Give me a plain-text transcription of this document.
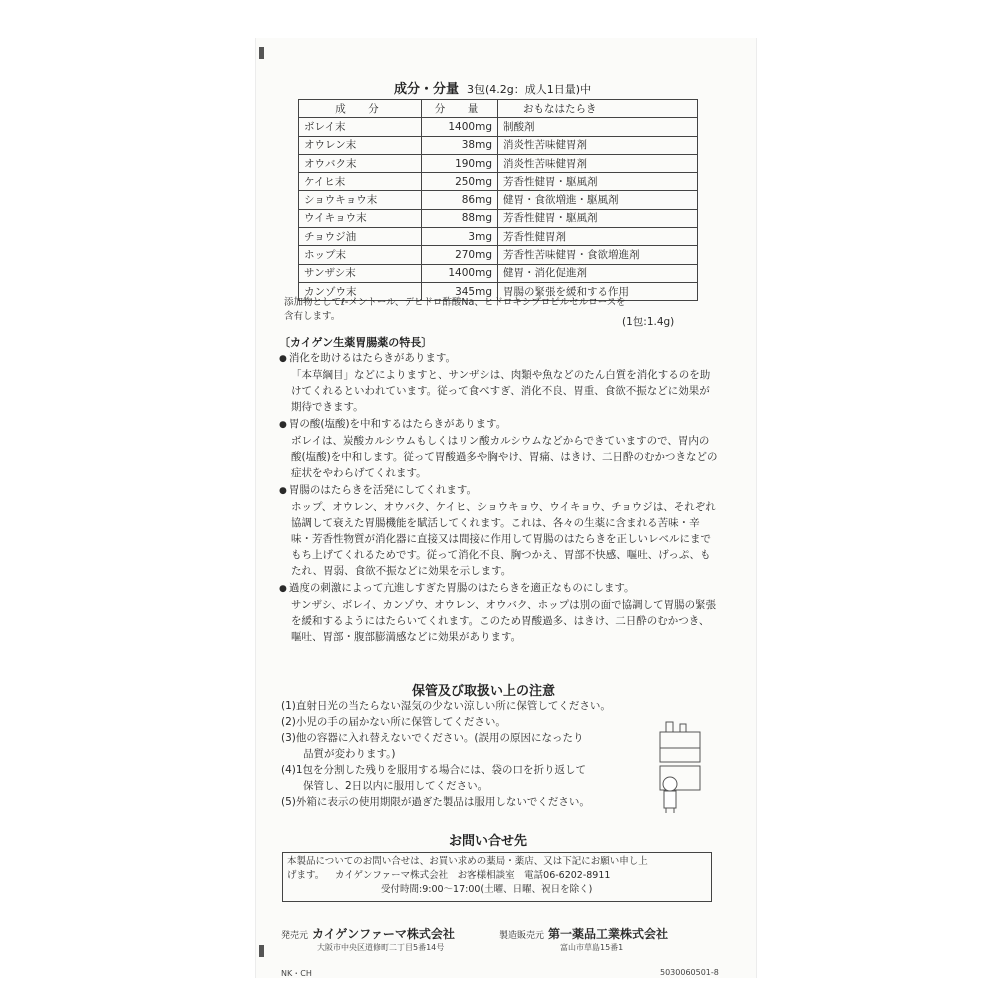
成分・分量 3包(4.2g：成人1日量)中
成　分	分　量	おもなはたらき
ボレイ末	1400mg	制酸剤
オウレン末	38mg	消炎性苦味健胃剤
オウバク末	190mg	消炎性苦味健胃剤
ケイヒ末	250mg	芳香性健胃・駆風剤
ショウキョウ末	86mg	健胃・食欲増進・駆風剤
ウイキョウ末	88mg	芳香性健胃・駆風剤
チョウジ油	3mg	芳香性健胃剤
ホップ末	270mg	芳香性苦味健胃・食欲増進剤
サンザシ末	1400mg	健胃・消化促進剤
カンゾウ末	345mg	胃腸の緊張を緩和する作用
添加物としてℓ-メントール、デヒドロ酢酸Na、ヒドロキシプロピルセルロースを
含有します。	(1包:1.4g)
〔カイゲン生薬胃腸薬の特長〕
● 消化を助けるはたらきがあります。
「本草綱目」などによりますと、サンザシは、肉類や魚などのたん白質を消化するのを助けてくれるといわれています。従って食べすぎ、消化不良、胃重、食欲不振などに効果が期待できます。
● 胃の酸(塩酸)を中和するはたらきがあります。
ボレイは、炭酸カルシウムもしくはリン酸カルシウムなどからできていますので、胃内の酸(塩酸)を中和します。従って胃酸過多や胸やけ、胃痛、はきけ、二日酔のむかつきなどの症状をやわらげてくれます。
● 胃腸のはたらきを活発にしてくれます。
ホップ、オウレン、オウバク、ケイヒ、ショウキョウ、ウイキョウ、チョウジは、それぞれ協調して衰えた胃腸機能を賦活してくれます。これは、各々の生薬に含まれる苦味・辛味・芳香性物質が消化器に直接又は間接に作用して胃腸のはたらきを正しいレベルにまでもち上げてくれるためです。従って消化不良、胸つかえ、胃部不快感、嘔吐、げっぷ、もたれ、胃弱、食欲不振などに効果を示します。
● 過度の刺激によって亢進しすぎた胃腸のはたらきを適正なものにします。
サンザシ、ボレイ、カンゾウ、オウレン、オウバク、ホップは別の面で協調して胃腸の緊張を緩和するようにはたらいてくれます。このため胃酸過多、はきけ、二日酔のむかつき、嘔吐、胃部・腹部膨満感などに効果があります。
保管及び取扱い上の注意
(1)直射日光の当たらない湿気の少ない涼しい所に保管してください。
(2)小児の手の届かない所に保管してください。
(3)他の容器に入れ替えないでください。(誤用の原因になったり
品質が変わります。)
(4)1包を分割した残りを服用する場合には、袋の口を折り返して
保管し、2日以内に服用してください。
(5)外箱に表示の使用期限が過ぎた製品は服用しないでください。
お問い合せ先
本製品についてのお問い合せは、お買い求めの薬局・薬店、又は下記にお願い申し上
げます。	カイゲンファーマ株式会社　お客様相談室　電話06-6202-8911
受付時間:9:00～17:00(土曜、日曜、祝日を除く)
発売元 カイゲンファーマ株式会社
大阪市中央区道修町二丁目5番14号
製造販売元 第一薬品工業株式会社
富山市草島15番1
NK・CH	5030060501-8
